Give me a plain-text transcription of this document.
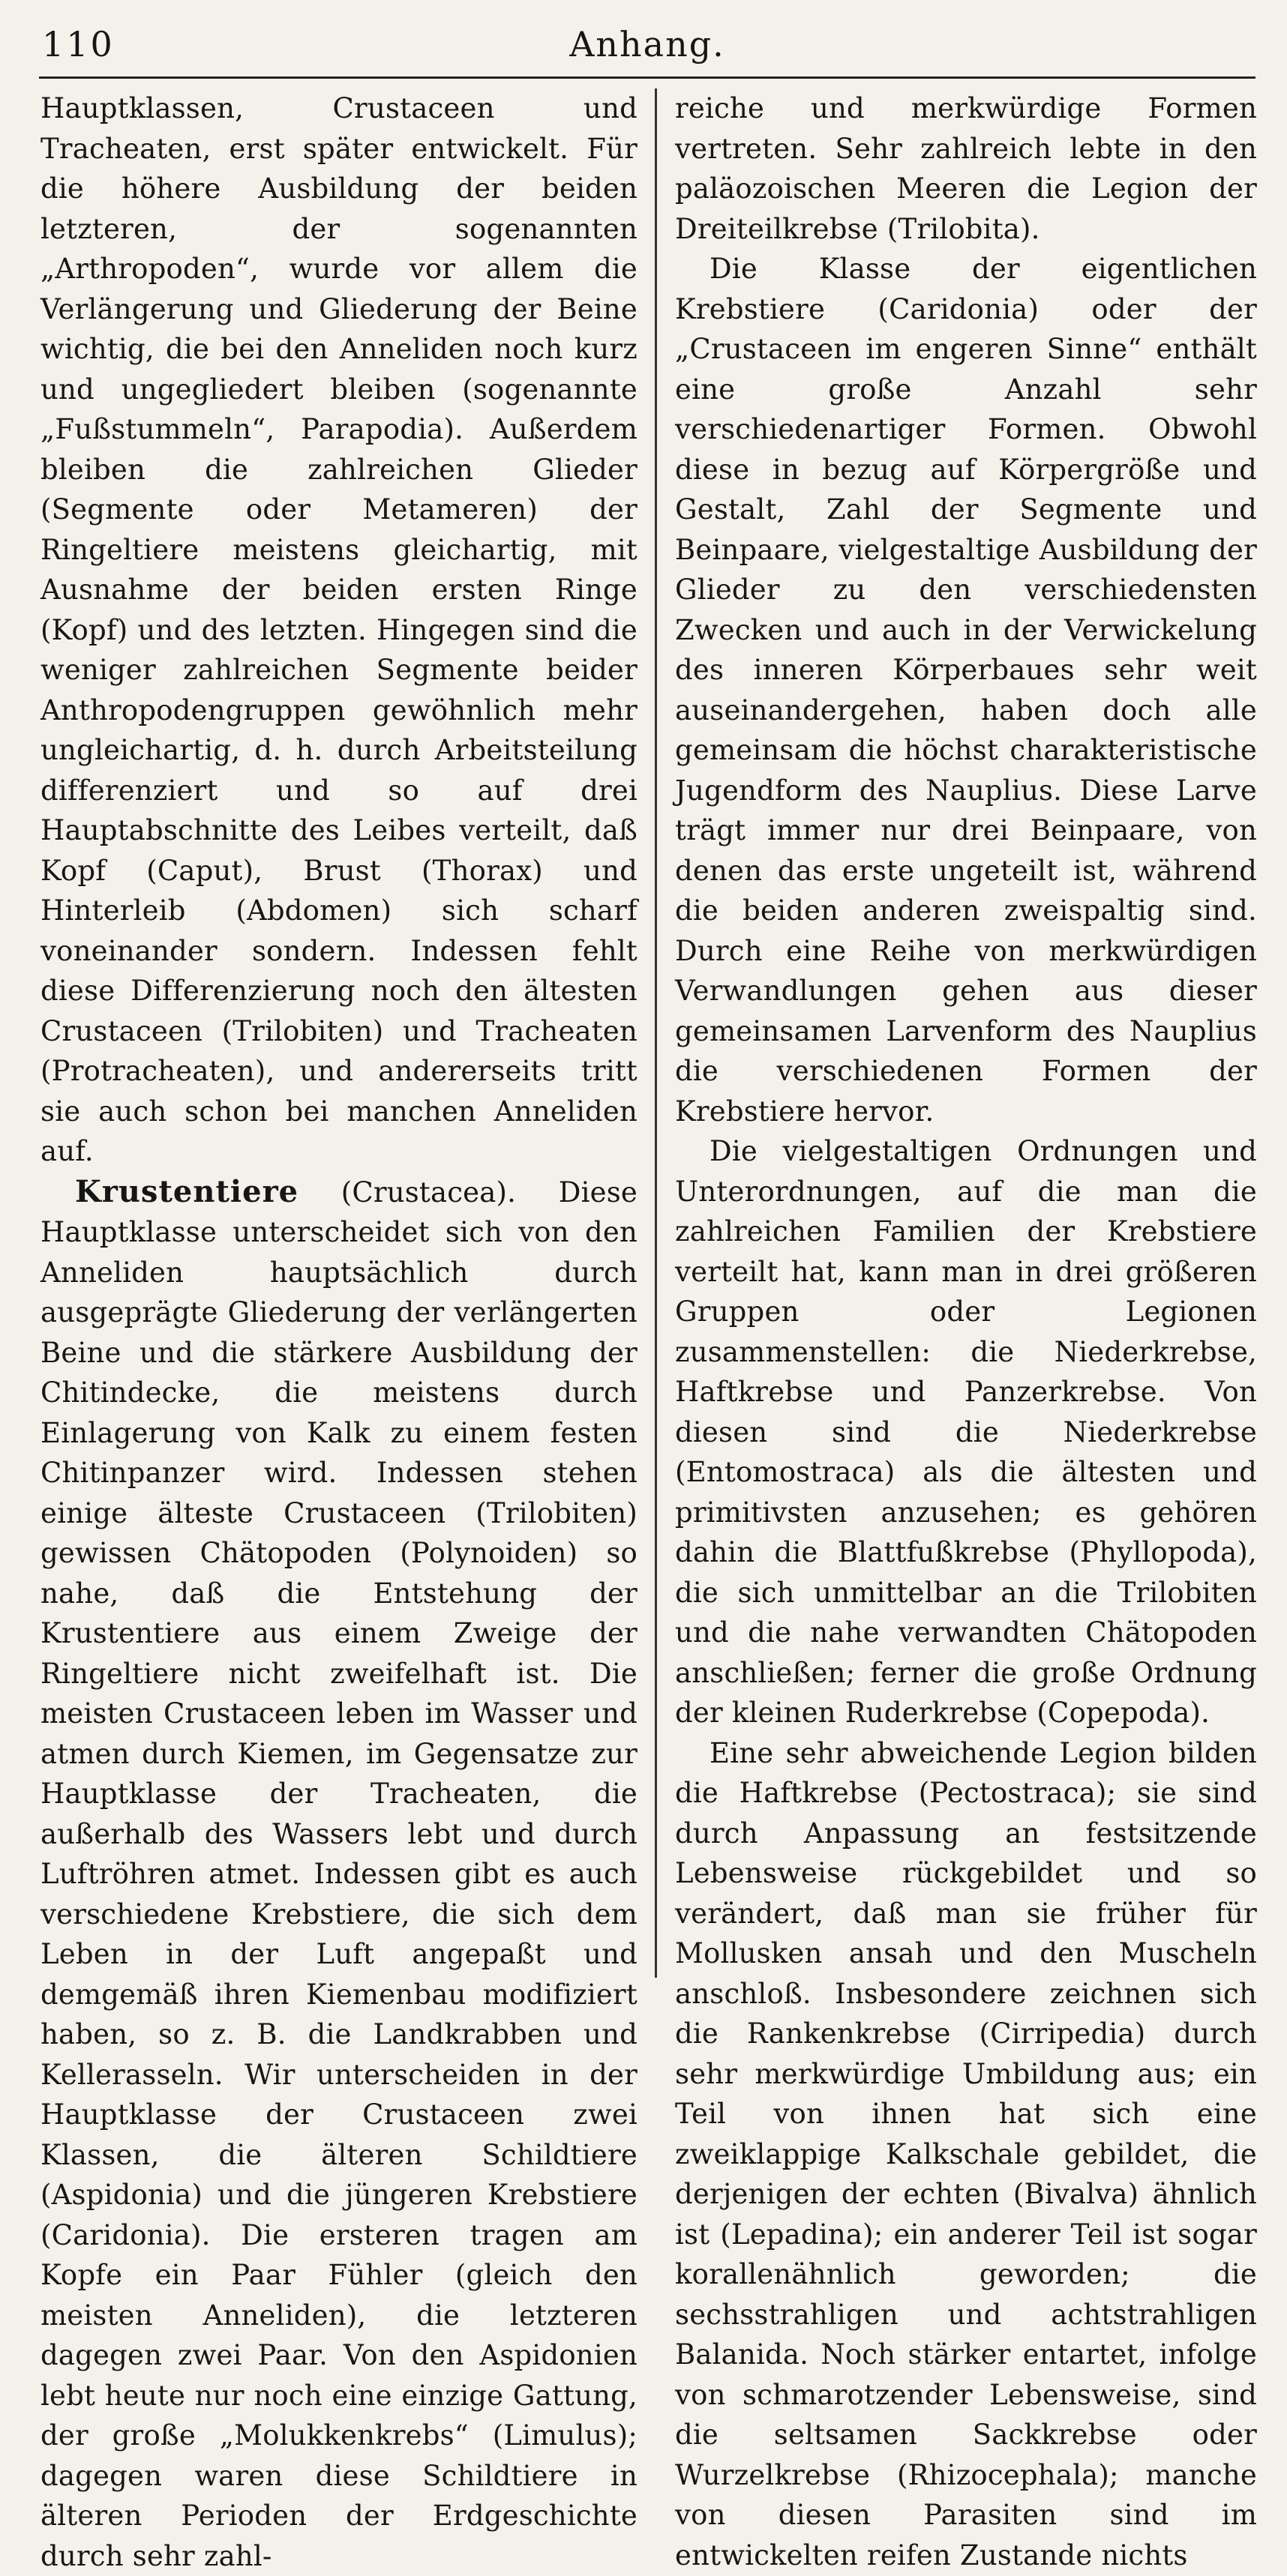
110	Anhang.

Hauptklassen, Crustaceen und Tracheaten, erst später entwickelt. Für die höhere Ausbildung der beiden letzteren, der sogenannten „Arthropoden“, wurde vor allem die Verlängerung und Gliederung der Beine wichtig, die bei den Anneliden noch kurz und ungegliedert bleiben (sogenannte „Fußstummeln“, Parapodia). Außerdem bleiben die zahlreichen Glieder (Segmente oder Metameren) der Ringeltiere meistens gleichartig, mit Ausnahme der beiden ersten Ringe (Kopf) und des letzten. Hingegen sind die weniger zahlreichen Segmente beider Anthropodengruppen gewöhnlich mehr ungleichartig, d. h. durch Arbeitsteilung differenziert und so auf drei Hauptabschnitte des Leibes verteilt, daß Kopf (Caput), Brust (Thorax) und Hinterleib (Abdomen) sich scharf voneinander sondern. Indessen fehlt diese Differenzierung noch den ältesten Crustaceen (Trilobiten) und Tracheaten (Protracheaten), und andererseits tritt sie auch schon bei manchen Anneliden auf.

Krustentiere (Crustacea). Diese Hauptklasse unterscheidet sich von den Anneliden hauptsächlich durch ausgeprägte Gliederung der verlängerten Beine und die stärkere Ausbildung der Chitindecke, die meistens durch Einlagerung von Kalk zu einem festen Chitinpanzer wird. Indessen stehen einige älteste Crustaceen (Trilobiten) gewissen Chätopoden (Polynoiden) so nahe, daß die Entstehung der Krustentiere aus einem Zweige der Ringeltiere nicht zweifelhaft ist. Die meisten Crustaceen leben im Wasser und atmen durch Kiemen, im Gegensatze zur Hauptklasse der Tracheaten, die außerhalb des Wassers lebt und durch Luftröhren atmet. Indessen gibt es auch verschiedene Krebstiere, die sich dem Leben in der Luft angepaßt und demgemäß ihren Kiemenbau modifiziert haben, so z. B. die Landkrabben und Kellerasseln. Wir unterscheiden in der Hauptklasse der Crustaceen zwei Klassen, die älteren Schildtiere (Aspidonia) und die jüngeren Krebstiere (Caridonia). Die ersteren tragen am Kopfe ein Paar Fühler (gleich den meisten Anneliden), die letzteren dagegen zwei Paar. Von den Aspidonien lebt heute nur noch eine einzige Gattung, der große „Molukkenkrebs“ (Limulus); dagegen waren diese Schildtiere in älteren Perioden der Erdgeschichte durch sehr zahl-

reiche und merkwürdige Formen vertreten. Sehr zahlreich lebte in den paläozoischen Meeren die Legion der Dreiteilkrebse (Trilobita).

Die Klasse der eigentlichen Krebstiere (Caridonia) oder der „Crustaceen im engeren Sinne“ enthält eine große Anzahl sehr verschiedenartiger Formen. Obwohl diese in bezug auf Körpergröße und Gestalt, Zahl der Segmente und Beinpaare, vielgestaltige Ausbildung der Glieder zu den verschiedensten Zwecken und auch in der Verwickelung des inneren Körperbaues sehr weit auseinandergehen, haben doch alle gemeinsam die höchst charakteristische Jugendform des Nauplius. Diese Larve trägt immer nur drei Beinpaare, von denen das erste ungeteilt ist, während die beiden anderen zweispaltig sind. Durch eine Reihe von merkwürdigen Verwandlungen gehen aus dieser gemeinsamen Larvenform des Nauplius die verschiedenen Formen der Krebstiere hervor.

Die vielgestaltigen Ordnungen und Unterordnungen, auf die man die zahlreichen Familien der Krebstiere verteilt hat, kann man in drei größeren Gruppen oder Legionen zusammenstellen: die Niederkrebse, Haftkrebse und Panzerkrebse. Von diesen sind die Niederkrebse (Entomostraca) als die ältesten und primitivsten anzusehen; es gehören dahin die Blattfußkrebse (Phyllopoda), die sich unmittelbar an die Trilobiten und die nahe verwandten Chätopoden anschließen; ferner die große Ordnung der kleinen Ruderkrebse (Copepoda).

Eine sehr abweichende Legion bilden die Haftkrebse (Pectostraca); sie sind durch Anpassung an festsitzende Lebensweise rückgebildet und so verändert, daß man sie früher für Mollusken ansah und den Muscheln anschloß. Insbesondere zeichnen sich die Rankenkrebse (Cirripedia) durch sehr merkwürdige Umbildung aus; ein Teil von ihnen hat sich eine zweiklappige Kalkschale gebildet, die derjenigen der echten (Bivalva) ähnlich ist (Lepadina); ein anderer Teil ist sogar korallenähnlich geworden; die sechsstrahligen und achtstrahligen Balanida. Noch stärker entartet, infolge von schmarotzender Lebensweise, sind die seltsamen Sackkrebse oder Wurzelkrebse (Rhizocephala); manche von diesen Parasiten sind im entwickelten reifen Zustande nichts
